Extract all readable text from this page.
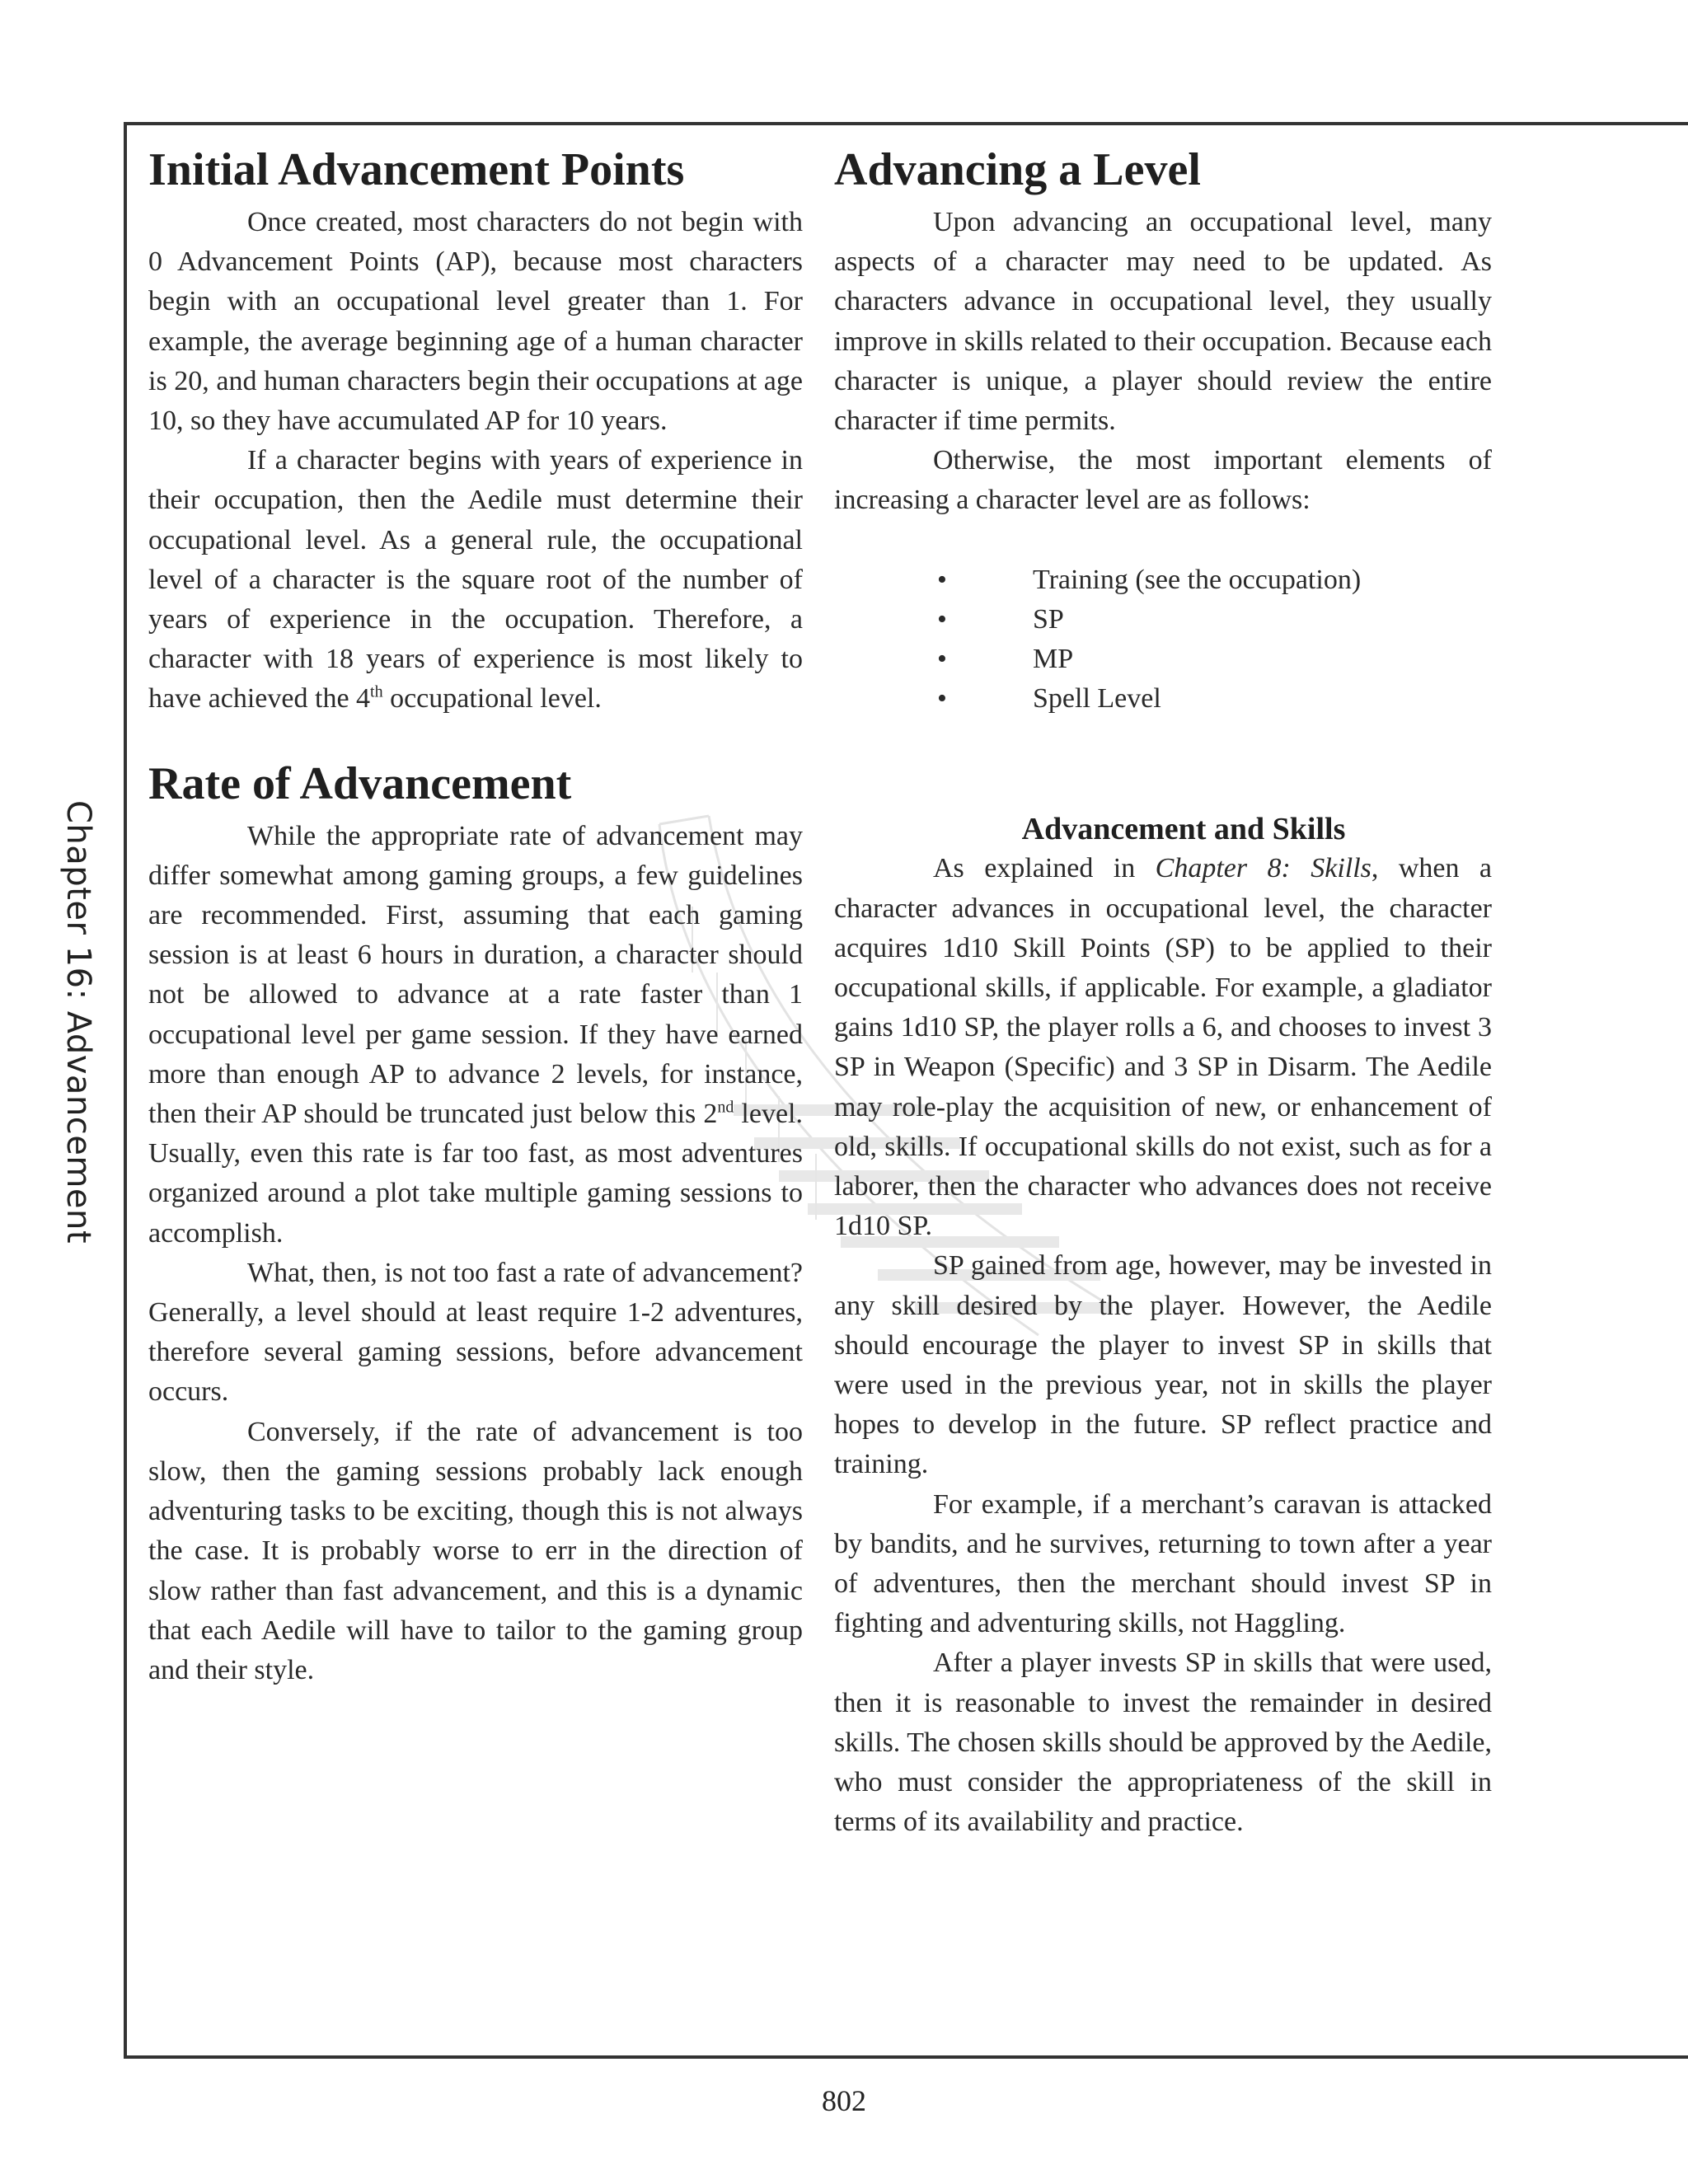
Chapter 16: Advancement
Initial Advancement Points

Once created, most characters do not begin with 0 Advancement Points (AP), because most characters begin with an occupational level greater than 1. For example, the average beginning age of a human character is 20, and human characters begin their occupations at age 10, so they have accumulated AP for 10 years.

If a character begins with years of experience in their occupation, then the Aedile must determine their occupational level. As a general rule, the occupational level of a character is the square root of the number of years of experience in the occupation. Therefore, a character with 18 years of experience is most likely to have achieved the 4th occupational level.

Rate of Advancement

While the appropriate rate of advancement may differ somewhat among gaming groups, a few guidelines are recommended. First, assuming that each gaming session is at least 6 hours in duration, a character should not be allowed to advance at a rate faster than 1 occupational level per game session. If they have earned more than enough AP to advance 2 levels, for instance, then their AP should be truncated just below this 2nd level. Usually, even this rate is far too fast, as most adventures organized around a plot take multiple gaming sessions to accomplish.

What, then, is not too fast a rate of advancement? Generally, a level should at least require 1-2 adventures, therefore several gaming sessions, before advancement occurs.

Conversely, if the rate of advancement is too slow, then the gaming sessions probably lack enough adventuring tasks to be exciting, though this is not always the case. It is probably worse to err in the direction of slow rather than fast advancement, and this is a dynamic that each Aedile will have to tailor to the gaming group and their style.

Advancing a Level

Upon advancing an occupational level, many aspects of a character may need to be updated. As characters advance in occupational level, they usually improve in skills related to their occupation. Because each character is unique, a player should review the entire character if time permits.

Otherwise, the most important elements of increasing a character level are as follows:

•	Training (see the occupation)
•	SP
•	MP
•	Spell Level
Advancement and Skills

As explained in Chapter 8: Skills, when a character advances in occupational level, the character acquires 1d10 Skill Points (SP) to be applied to their occupational skills, if applicable. For example, a gladiator gains 1d10 SP, the player rolls a 6, and chooses to invest 3 SP in Weapon (Specific) and 3 SP in Disarm. The Aedile may role-play the acquisition of new, or enhancement of old, skills. If occupational skills do not exist, such as for a laborer, then the character who advances does not receive 1d10 SP.

SP gained from age, however, may be invested in any skill desired by the player. However, the Aedile should encourage the player to invest SP in skills that were used in the previous year, not in skills the player hopes to develop in the future. SP reflect practice and training.

For example, if a merchant’s caravan is attacked by bandits, and he survives, returning to town after a year of adventures, then the merchant should invest SP in fighting and adventuring skills, not Haggling.

After a player invests SP in skills that were used, then it is reasonable to invest the remainder in desired skills. The chosen skills should be approved by the Aedile, who must consider the appropriateness of the skill in terms of its availability and practice.

802
